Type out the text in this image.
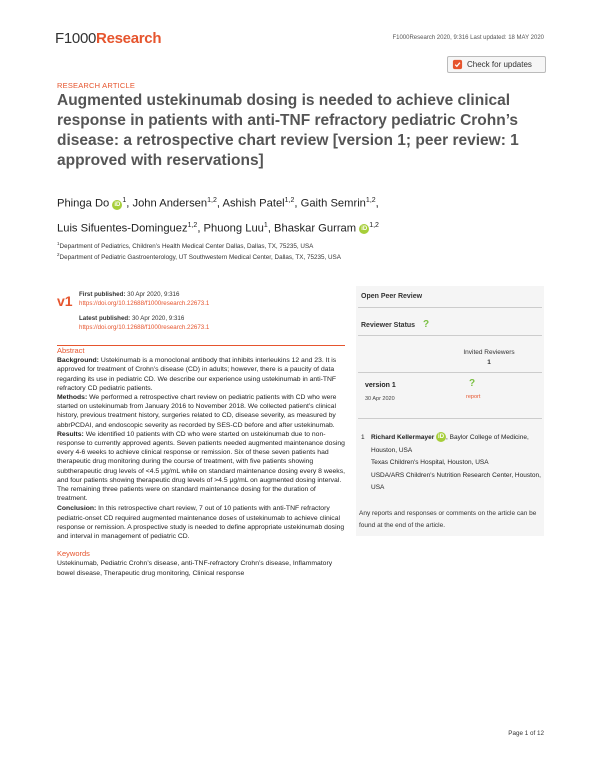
F1000 Research	F1000Research 2020, 9:316 Last updated: 18 MAY 2020
Check for updates
RESEARCH ARTICLE
Augmented ustekinumab dosing is needed to achieve clinical response in patients with anti-TNF refractory pediatric Crohn’s disease: a retrospective chart review [version 1; peer review: 1 approved with reservations]
Phinga Do $iD^1$, John Andersen$^{1,2}$, Ashish Patel$^{1,2}$, Gaith Semrin$^{1,2}$,
Luis Sifuentes-Dominguez$^{1,2}$, Phuong Luu$^1$, Bhaskar Gurram iD$^{1,2}$
$^1$Department of Pediatrics, Children’s Health Medical Center Dallas, Dallas, TX, 75235, USA
$^2$Department of Pediatric Gastroenterology, UT Southwestern Medical Center, Dallas, TX, 75235, USA
v1 First published: 30 Apr 2020, 9:316
https://doi.org/10.12688/f1000research.22673.1
Latest published: 30 Apr 2020, 9:316
https://doi.org/10.12688/f1000research.22673.1
Abstract

Background: Ustekinumab is a monoclonal antibody that inhibits interleukins 12 and 23. It is approved for treatment of Crohn’s disease (CD) in adults; however, there is a paucity of data regarding its use in pediatric CD. We describe our experience using ustekinumab in anti-TNF refractory CD pediatric patients.

Methods: We performed a retrospective chart review on pediatric patients with CD who were started on ustekinumab from January 2016 to November 2018. We collected patient’s clinical history, previous treatment history, surgeries related to CD, disease severity, as measured by abbrPCDAI, and endoscopic severity as recorded by SES-CD before and after ustekinumab.

Results: We identified 10 patients with CD who were started on ustekinumab due to non-response to currently approved agents. Seven patients needed augmented maintenance dosing every 4-6 weeks to achieve clinical response or remission. Six of these seven patients had therapeutic drug monitoring during the course of treatment, with five patients showing subtherapeutic drug levels of <4.5 μg/mL while on standard maintenance dosing every 8 weeks, and four patients showing therapeutic drug levels of >4.5 μg/mL on augmented dosing interval. The remaining three patients were on standard maintenance dosing for the duration of treatment.

Conclusion: In this retrospective chart review, 7 out of 10 patients with anti-TNF refractory pediatric-onset CD required augmented maintenance doses of ustekinumab to achieve clinical response or remission. A prospective study is needed to define appropriate ustekinumab dosing and interval in management of pediatric CD.

Keywords

Ustekinumab, Pediatric Crohn’s disease, anti-TNF-refractory Crohn’s disease, Inflammatory bowel disease, Therapeutic drug monitoring, Clinical response

Open Peer Review
Reviewer Status ?
Invited Reviewers
1
version 1
30 Apr 2020
?
report
1 Richard Kellermayer iD , Baylor College of Medicine, Houston, USA
Texas Children's Hospital, Houston, USA
USDA/ARS Children's Nutrition Research Center, Houston, USA
Any reports and responses or comments on the article can be found at the end of the article.
Page 1 of 12
